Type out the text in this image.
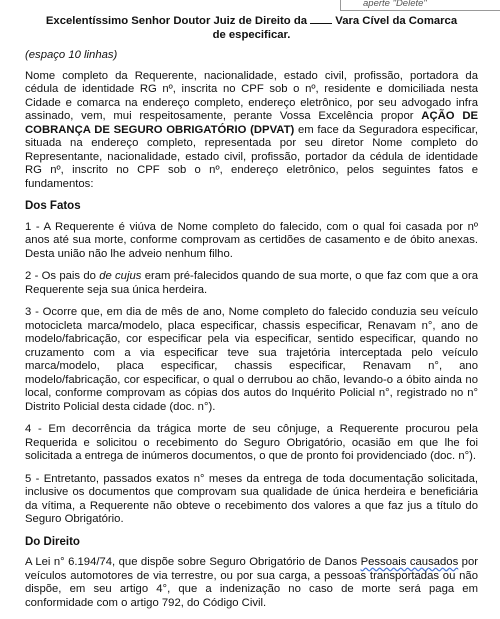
aperte "Delete"
Excelentíssimo Senhor Doutor Juiz de Direito da	Vara Cível da Comarca
de especificar.
(espaço 10 linhas)

Nome completo da Requerente, nacionalidade, estado civil, profissão, portadora da cédula de identidade RG nº, inscrita no CPF sob o nº, residente e domiciliada nesta Cidade e comarca na endereço completo, endereço eletrônico, por seu advogado infra assinado, vem, mui respeitosamente, perante Vossa Excelência propor AÇÃO DE COBRANÇA DE SEGURO OBRIGATÓRIO (DPVAT) em face da Seguradora especificar, situada na endereço completo, representada por seu diretor Nome completo do Representante, nacionalidade, estado civil, profissão, portador da cédula de identidade RG nº, inscrito no CPF sob o nº, endereço eletrônico, pelos seguintes fatos e fundamentos:

Dos Fatos

1 - A Requerente é viúva de Nome completo do falecido, com o qual foi casada por nº anos até sua morte, conforme comprovam as certidões de casamento e de óbito anexas. Desta união não lhe adveio nenhum filho.

2 - Os pais do de cujus eram pré-falecidos quando de sua morte, o que faz com que a ora Requerente seja sua única herdeira.

3 - Ocorre que, em dia de mês de ano, Nome completo do falecido conduzia seu veículo motocicleta marca/modelo, placa especificar, chassis especificar, Renavam n°, ano de modelo/fabricação, cor especificar pela via especificar, sentido especificar, quando no cruzamento com a via especificar teve sua trajetória interceptada pelo veículo marca/modelo, placa especificar, chassis especificar, Renavam n°, ano modelo/fabricação, cor especificar, o qual o derrubou ao chão, levando-o a óbito ainda no local, conforme comprovam as cópias dos autos do Inquérito Policial n°, registrado no n° Distrito Policial desta cidade (doc. n°).

4 - Em decorrência da trágica morte de seu cônjuge, a Requerente procurou pela Requerida e solicitou o recebimento do Seguro Obrigatório, ocasião em que lhe foi solicitada a entrega de inúmeros documentos, o que de pronto foi providenciado (doc. n°).

5 - Entretanto, passados exatos n° meses da entrega de toda documentação solicitada, inclusive os documentos que comprovam sua qualidade de única herdeira e beneficiária da vítima, a Requerente não obteve o recebimento dos valores a que faz jus a título do Seguro Obrigatório.

Do Direito

A Lei n° 6.194/74, que dispõe sobre Seguro Obrigatório de Danos Pessoais causados por veículos automotores de via terrestre, ou por sua carga, a pessoas transportadas ou não dispõe, em seu artigo 4°, que a indenização no caso de morte será paga em conformidade com o artigo 792, do Código Civil.
